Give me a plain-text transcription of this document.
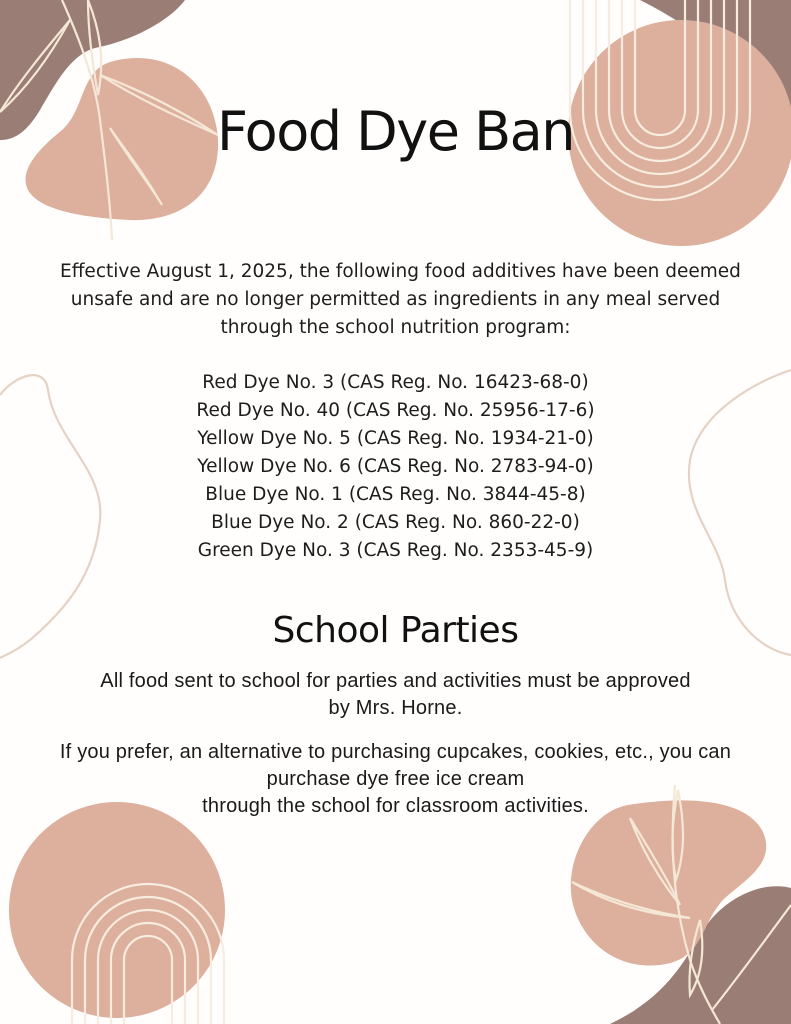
Food Dye Ban

Effective August 1, 2025, the following food additives have been deemed
unsafe and are no longer permitted as ingredients in any meal served
through the school nutrition program:

Red Dye No. 3 (CAS Reg. No. 16423-68-0)
Red Dye No. 40 (CAS Reg. No. 25956-17-6)
Yellow Dye No. 5 (CAS Reg. No. 1934-21-0)
Yellow Dye No. 6 (CAS Reg. No. 2783-94-0)
Blue Dye No. 1 (CAS Reg. No. 3844-45-8)
Blue Dye No. 2 (CAS Reg. No. 860-22-0)
Green Dye No. 3 (CAS Reg. No. 2353-45-9)
School Parties

All food sent to school for parties and activities must be approved
by Mrs. Horne.

If you prefer, an alternative to purchasing cupcakes, cookies, etc., you can
purchase dye free ice cream
through the school for classroom activities.
